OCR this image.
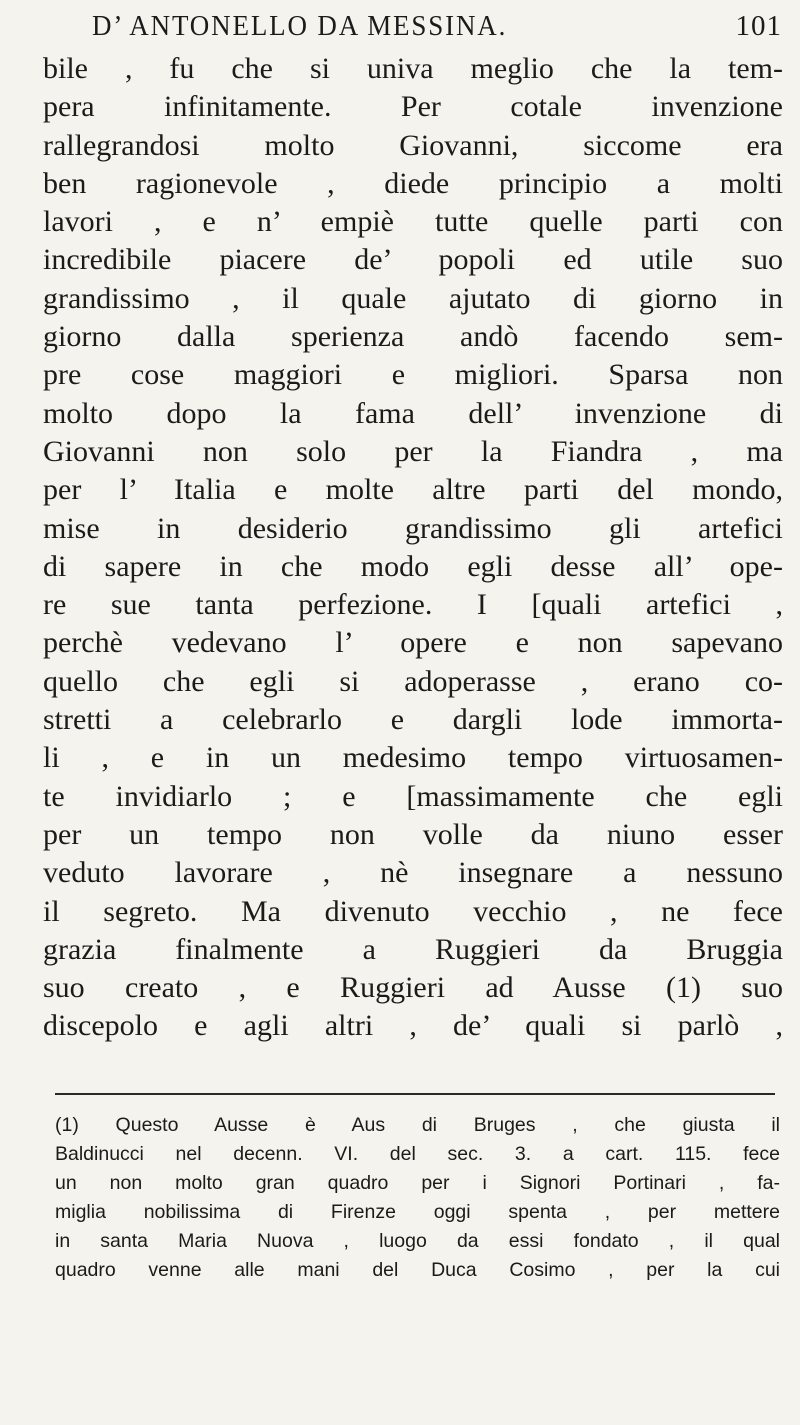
D’ ANTONELLO DA MESSINA.	101
bile , fu che si univa meglio che la tem-
pera infinitamente. Per cotale invenzione
rallegrandosi molto Giovanni, siccome era
ben ragionevole , diede principio a molti
lavori , e n’ empiè tutte quelle parti con
incredibile piacere de’ popoli ed utile suo
grandissimo , il quale ajutato di giorno in
giorno dalla sperienza andò facendo sem-
pre cose maggiori e migliori. Sparsa non
molto dopo la fama dell’ invenzione di
Giovanni non solo per la Fiandra , ma
per l’ Italia e molte altre parti del mondo,
mise in desiderio grandissimo gli artefici
di sapere in che modo egli desse all’ ope-
re sue tanta perfezione. I [quali artefici ,
perchè vedevano l’ opere e non sapevano
quello che egli si adoperasse , erano co-
stretti a celebrarlo e dargli lode immorta-
li , e in un medesimo tempo virtuosamen-
te invidiarlo ; e [massimamente che egli
per un tempo non volle da niuno esser
veduto lavorare , nè insegnare a nessuno
il segreto. Ma divenuto vecchio , ne fece
grazia finalmente a Ruggieri da Bruggia
suo creato , e Ruggieri ad Ausse (1) suo
discepolo e agli altri , de’ quali si parlò ,
(1) Questo Ausse è Aus di Bruges , che giusta il
Baldinucci nel decenn. VI. del sec. 3. a cart. 115. fece
un non molto gran quadro per i Signori Portinari , fa-
miglia nobilissima di Firenze oggi spenta , per mettere
in santa Maria Nuova , luogo da essi fondato , il qual
quadro venne alle mani del Duca Cosimo , per la cui
